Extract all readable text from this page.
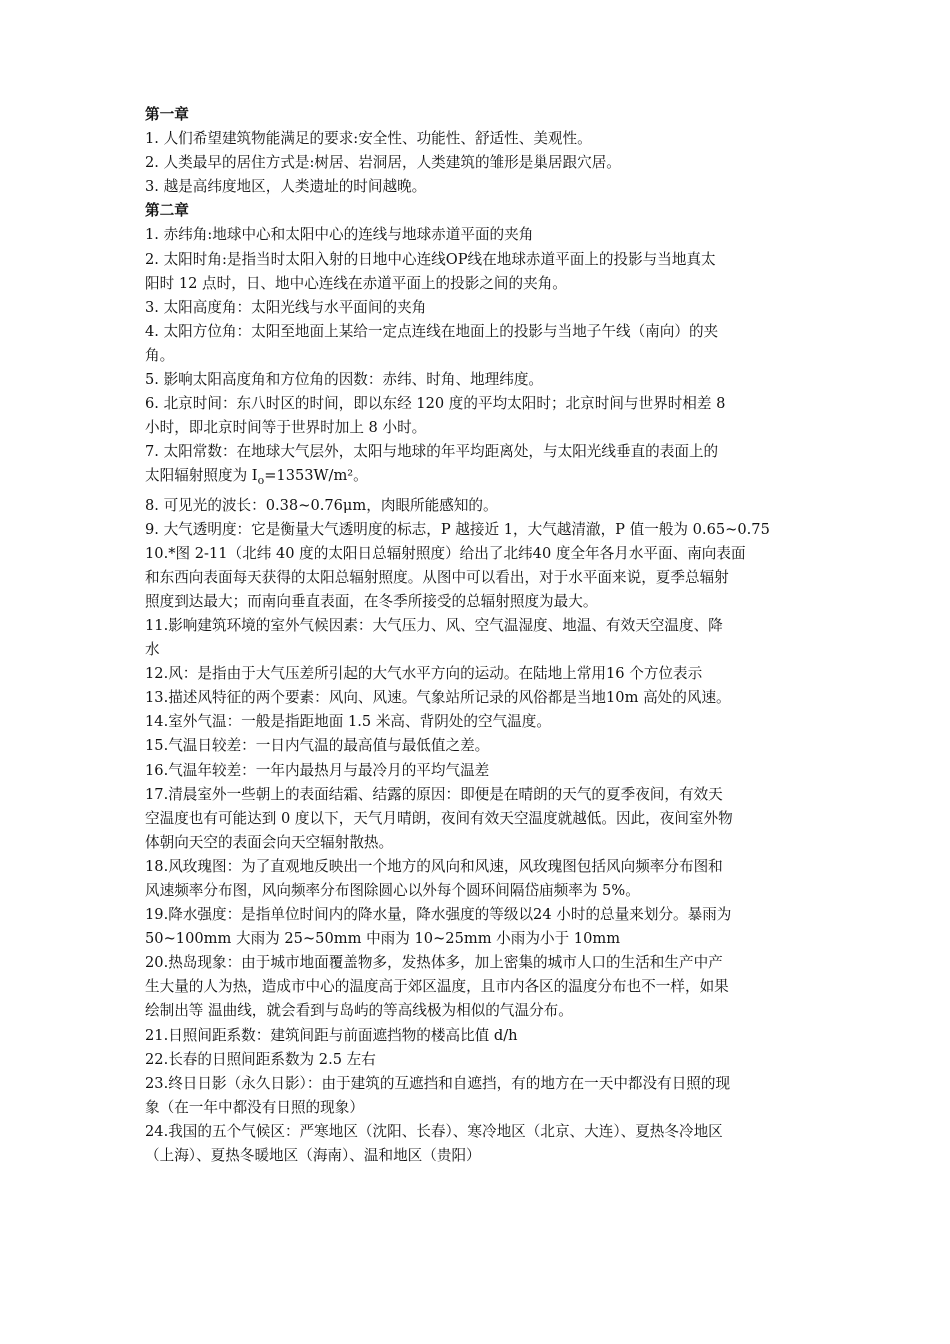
第一章
1. 人们希望建筑物能满足的要求:安全性、功能性、舒适性、美观性。
2. 人类最早的居住方式是:树居、岩洞居，人类建筑的雏形是巢居跟穴居。
3. 越是高纬度地区，人类遗址的时间越晚。
第二章
1. 赤纬角:地球中心和太阳中心的连线与地球赤道平面的夹角
2. 太阳时角:是指当时太阳入射的日地中心连线OP线在地球赤道平面上的投影与当地真太
阳时 12 点时，日、地中心连线在赤道平面上的投影之间的夹角。
3. 太阳高度角：太阳光线与水平面间的夹角
4. 太阳方位角：太阳至地面上某给一定点连线在地面上的投影与当地子午线（南向）的夹
角。
5. 影响太阳高度角和方位角的因数：赤纬、时角、地理纬度。
6. 北京时间：东八时区的时间，即以东经 120 度的平均太阳时；北京时间与世界时相差 8
小时，即北京时间等于世界时加上 8 小时。
7. 太阳常数：在地球大气层外，太阳与地球的年平均距离处，与太阳光线垂直的表面上的
太阳辐射照度为 $I_o=1353W/m^2$。
8. 可见光的波长：0.38~0.76μm，肉眼所能感知的。
9. 大气透明度：它是衡量大气透明度的标志，P 越接近 1，大气越清澈，P 值一般为 0.65~0.75
10.*图 2-11（北纬 40 度的太阳日总辐射照度）给出了北纬40 度全年各月水平面、南向表面
和东西向表面每天获得的太阳总辐射照度。从图中可以看出，对于水平面来说，夏季总辐射
照度到达最大；而南向垂直表面，在冬季所接受的总辐射照度为最大。
11.影响建筑环境的室外气候因素：大气压力、风、空气温湿度、地温、有效天空温度、降
水
12.风：是指由于大气压差所引起的大气水平方向的运动。在陆地上常用16 个方位表示
13.描述风特征的两个要素：风向、风速。气象站所记录的风俗都是当地10m 高处的风速。
14.室外气温：一般是指距地面 1.5 米高、背阴处的空气温度。
15.气温日较差：一日内气温的最高值与最低值之差。
16.气温年较差：一年内最热月与最冷月的平均气温差
17.清晨室外一些朝上的表面结霜、结露的原因：即便是在晴朗的天气的夏季夜间，有效天
空温度也有可能达到 0 度以下，天气月晴朗，夜间有效天空温度就越低。因此，夜间室外物
体朝向天空的表面会向天空辐射散热。
18.风玫瑰图：为了直观地反映出一个地方的风向和风速，风玫瑰图包括风向频率分布图和
风速频率分布图，风向频率分布图除圆心以外每个圆环间隔岱庙频率为 5%。
19.降水强度：是指单位时间内的降水量，降水强度的等级以24 小时的总量来划分。暴雨为
50~100mm 大雨为 25~50mm 中雨为 10~25mm 小雨为小于 10mm
20.热岛现象：由于城市地面覆盖物多，发热体多，加上密集的城市人口的生活和生产中产
生大量的人为热，造成市中心的温度高于郊区温度，且市内各区的温度分布也不一样，如果
绘制出等 温曲线，就会看到与岛屿的等高线极为相似的气温分布。
21.日照间距系数：建筑间距与前面遮挡物的楼高比值 d/h
22.长春的日照间距系数为 2.5 左右
23.终日日影（永久日影）：由于建筑的互遮挡和自遮挡，有的地方在一天中都没有日照的现
象（在一年中都没有日照的现象）
24.我国的五个气候区：严寒地区（沈阳、长春）、寒冷地区（北京、大连）、夏热冬冷地区
（上海）、夏热冬暖地区（海南）、温和地区（贵阳）
